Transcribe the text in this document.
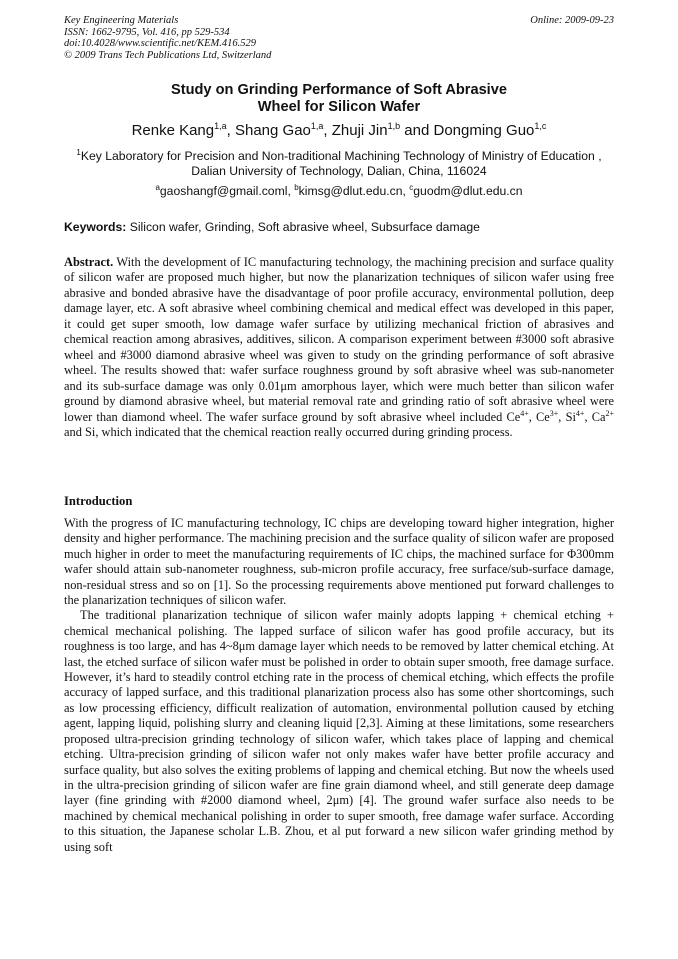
Key Engineering Materials
ISSN: 1662-9795, Vol. 416, pp 529-534
doi:10.4028/www.scientific.net/KEM.416.529
© 2009 Trans Tech Publications Ltd, Switzerland
Online: 2009-09-23
Study on Grinding Performance of Soft Abrasive
Wheel for Silicon Wafer
Renke Kang$^{1,a}$, Shang Gao$^{1,a}$, Zhuji Jin$^{1,b}$ and Dongming Guo$^{1,c}$
$^1$Key Laboratory for Precision and Non-traditional Machining Technology of Ministry of Education ,
Dalian University of Technology, Dalian, China, 116024
$^a$gaoshangf@gmail.coml, $^b$kimsg@dlut.edu.cn, $^c$guodm@dlut.edu.cn
Keywords: Silicon wafer, Grinding, Soft abrasive wheel, Subsurface damage
Abstract. With the development of IC manufacturing technology, the machining precision and surface quality of silicon wafer are proposed much higher, but now the planarization techniques of silicon wafer using free abrasive and bonded abrasive have the disadvantage of poor profile accuracy, environmental pollution, deep damage layer, etc. A soft abrasive wheel combining chemical and medical effect was developed in this paper, it could get super smooth, low damage wafer surface by utilizing mechanical friction of abrasives and chemical reaction among abrasives, additives, silicon. A comparison experiment between #3000 soft abrasive wheel and #3000 diamond abrasive wheel was given to study on the grinding performance of soft abrasive wheel. The results showed that: wafer surface roughness ground by soft abrasive wheel was sub-nanometer and its sub-surface damage was only 0.01μm amorphous layer, which were much better than silicon wafer ground by diamond abrasive wheel, but material removal rate and grinding ratio of soft abrasive wheel were lower than diamond wheel. The wafer surface ground by soft abrasive wheel included $Ce^{4+}$, $Ce^{3+}$, $Si^{4+}$, $Ca^{2+}$ and Si, which indicated that the chemical reaction really occurred during grinding process.
Introduction

With the progress of IC manufacturing technology, IC chips are developing toward higher integration, higher density and higher performance. The machining precision and the surface quality of silicon wafer are proposed much higher in order to meet the manufacturing requirements of IC chips, the machined surface for Φ300mm wafer should attain sub-nanometer roughness, sub-micron profile accuracy, free surface/sub-surface damage, non-residual stress and so on [1]. So the processing requirements above mentioned put forward challenges to the planarization techniques of silicon wafer.

The traditional planarization technique of silicon wafer mainly adopts lapping + chemical etching + chemical mechanical polishing. The lapped surface of silicon wafer has good profile accuracy, but its roughness is too large, and has 4~8μm damage layer which needs to be removed by latter chemical etching. At last, the etched surface of silicon wafer must be polished in order to obtain super smooth, free damage surface. However, it’s hard to steadily control etching rate in the process of chemical etching, which effects the profile accuracy of lapped surface, and this traditional planarization process also has some other shortcomings, such as low processing efficiency, difficult realization of automation, environmental pollution caused by etching agent, lapping liquid, polishing slurry and cleaning liquid [2,3]. Aiming at these limitations, some researchers proposed ultra-precision grinding technology of silicon wafer, which takes place of lapping and chemical etching. Ultra-precision grinding of silicon wafer not only makes wafer have better profile accuracy and surface quality, but also solves the exiting problems of lapping and chemical etching. But now the wheels used in the ultra-precision grinding of silicon wafer are fine grain diamond wheel, and still generate deep damage layer (fine grinding with #2000 diamond wheel, 2μm) [4]. The ground wafer surface also needs to be machined by chemical mechanical polishing in order to super smooth, free damage wafer surface. According to this situation, the Japanese scholar L.B. Zhou, et al put forward a new silicon wafer grinding method by using soft
